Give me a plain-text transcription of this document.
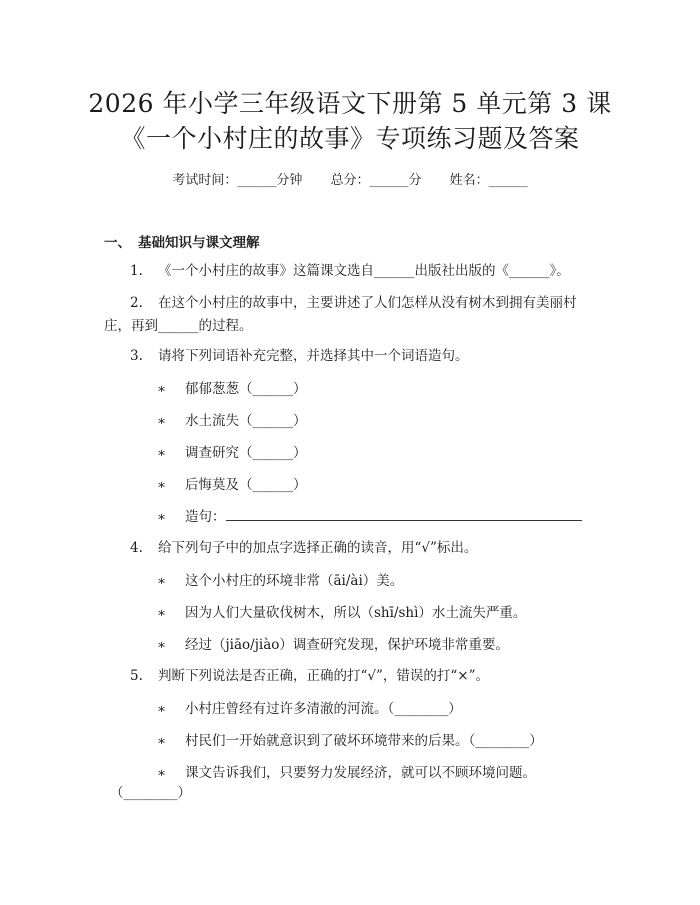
2026 年小学三年级语文下册第 5 单元第 3 课
《一个小村庄的故事》专项练习题及答案
考试时间：______分钟 总分：______分 姓名：______
一、 基础知识与课文理解
1. 《一个小村庄的故事》这篇课文选自______出版社出版的《______》。
2. 在这个小村庄的故事中，主要讲述了人们怎样从没有树木到拥有美丽村
庄，再到______的过程。
3. 请将下列词语补充完整，并选择其中一个词语造句。
∗ 郁郁葱葱（______）
∗ 水土流失（______）
∗ 调查研究（______）
∗ 后悔莫及（______）
∗ 造句：
4. 给下列句子中的加点字选择正确的读音，用“√”标出。
∗ 这个小村庄的环境非常（āi/ài）美。
∗ 因为人们大量砍伐树木，所以（shī/shì）水土流失严重。
∗ 经过（jiāo/jiào）调查研究发现，保护环境非常重要。
5. 判断下列说法是否正确，正确的打“√”，错误的打“×”。
∗ 小村庄曾经有过许多清澈的河流。（________）
∗ 村民们一开始就意识到了破坏环境带来的后果。（________）
∗ 课文告诉我们，只要努力发展经济，就可以不顾环境问题。
（________）
